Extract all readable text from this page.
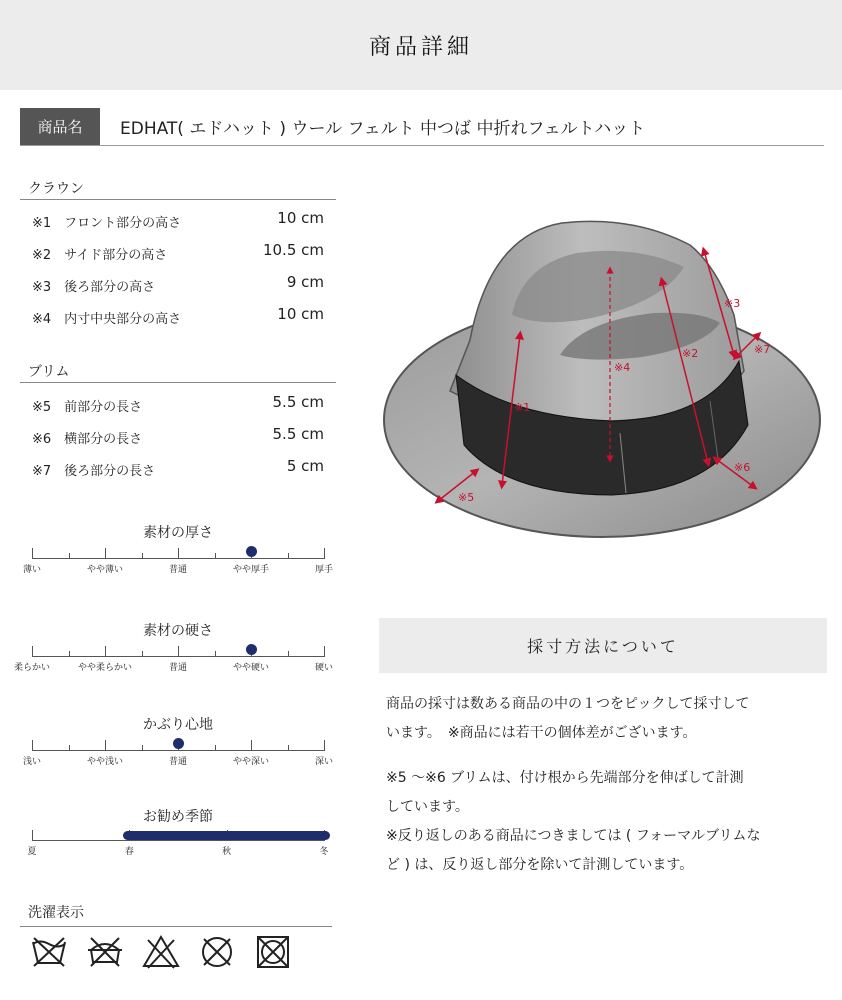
商品詳細
商品名	EDHAT( エドハット ) ウール フェルト 中つば 中折れフェルトハット
クラウン
※1　フロント部分の高さ	10 cm
※2　サイド部分の高さ	10.5 cm
※3　後ろ部分の高さ	9 cm
※4　内寸中央部分の高さ	10 cm
ブリム
※5　前部分の長さ	5.5 cm
※6　横部分の長さ	5.5 cm
※7　後ろ部分の長さ	5 cm
素材の厚さ
薄い	やや薄い	普通	やや厚手	厚手
素材の硬さ
柔らかい	やや柔らかい	普通	やや硬い	硬い
かぶり心地
浅い	やや浅い	普通	やや深い	深い
お勧め季節
夏	春	秋	冬
洗濯表示
※1
※2
※3
※4
※5
※6
※7
採寸方法について
商品の採寸は数ある商品の中の１つをピックして採寸して
います。　※商品には若干の個体差がございます。
※5 ～※6 ブリムは、付け根から先端部分を伸ばして計測
しています。
※反り返しのある商品につきましては ( フォーマルブリムな
ど ) は、反り返し部分を除いて計測しています。
